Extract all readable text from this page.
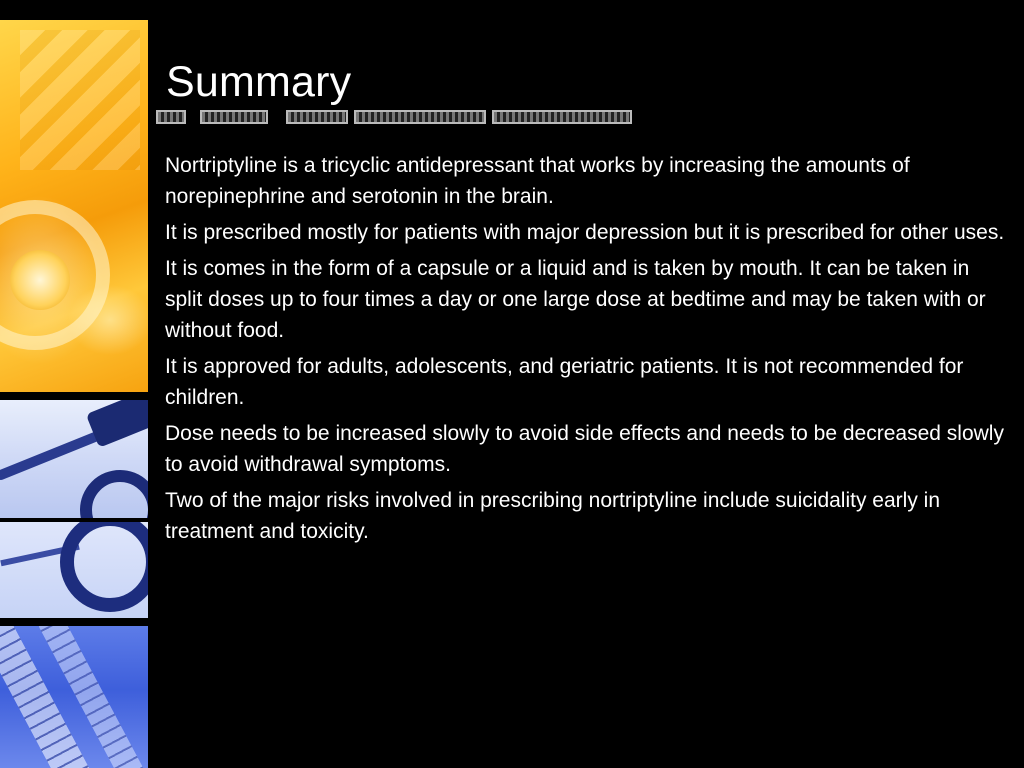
Summary

Nortriptyline is a tricyclic antidepressant that works by increasing the amounts of norepinephrine and serotonin in the brain.

It is prescribed mostly for patients with major depression but it is prescribed for other uses.

It is comes in the form of a capsule or a liquid and is taken by mouth. It can be taken in split doses up to four times a day or one large dose at bedtime and may be taken with or without food.

It is approved for adults, adolescents, and geriatric patients. It is not recommended for children.

Dose needs to be increased slowly to avoid side effects and needs to be decreased slowly to avoid withdrawal symptoms.

Two of the major risks involved in prescribing nortriptyline include suicidality early in treatment and toxicity.
